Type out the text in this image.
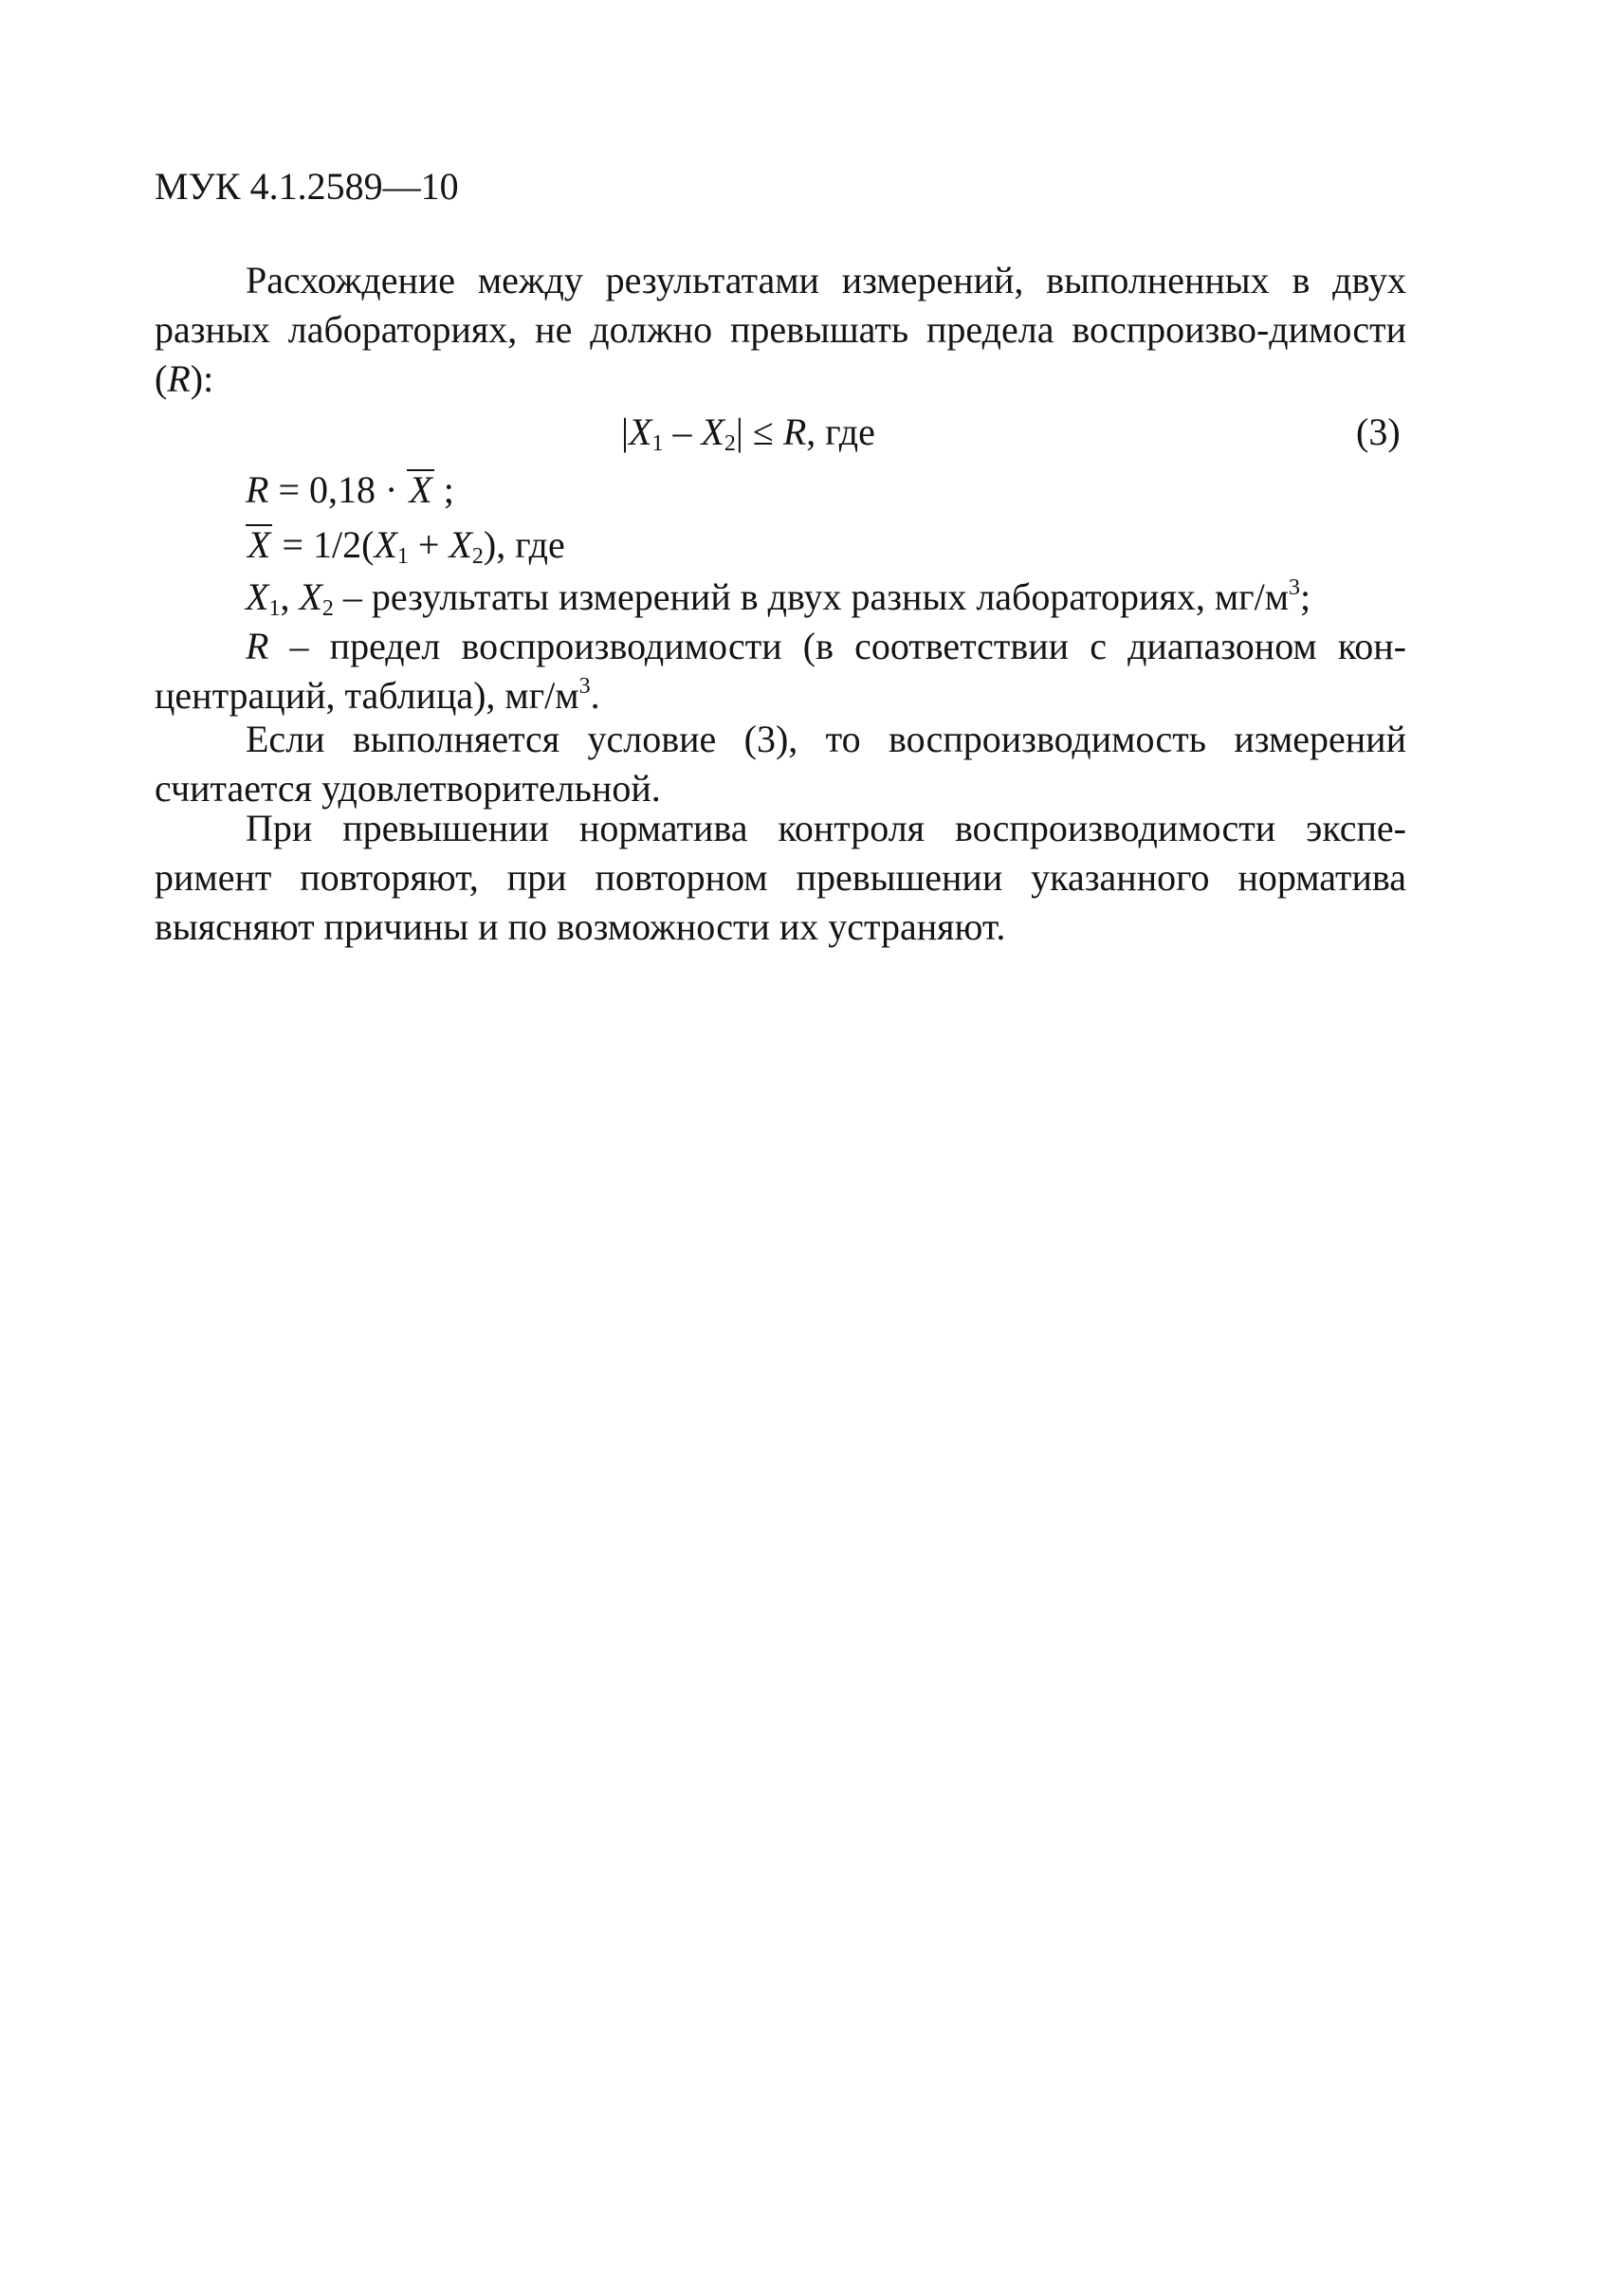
МУК 4.1.2589—10
Расхождение между результатами измерений, выполненных в двух разных лабораториях, не должно превышать предела воспроизво-димости (R):
$|X_1 - X_2| \le R$, где	(3)
R = 0,18 · X ;
$X = 1/2(X_1 + X_2)$, где
$X_1$, $X_2$ – результаты измерений в двух разных лабораториях, $мг/м^3$;
R – предел воспроизводимости (в соответствии с диапазоном кон-центраций, таблица), $мг/м^3$.
Если выполняется условие (3), то воспроизводимость измерений считается удовлетворительной.
При превышении норматива контроля воспроизводимости экспе-римент повторяют, при повторном превышении указанного норматива выясняют причины и по возможности их устраняют.
